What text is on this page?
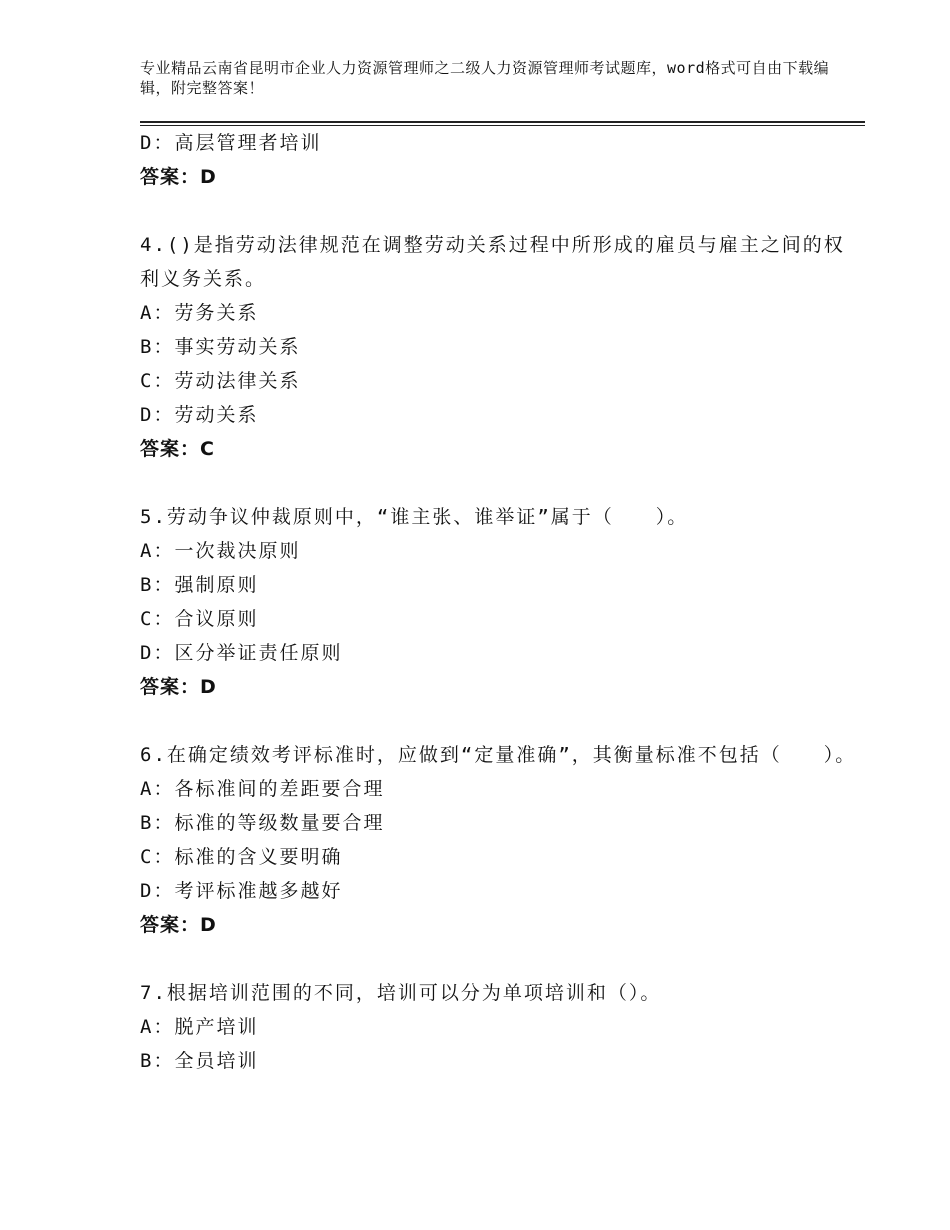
专业精品云南省昆明市企业人力资源管理师之二级人力资源管理师考试题库，word格式可自由下载编辑，附完整答案！
D：高层管理者培训
答案：D
4.()是指劳动法律规范在调整劳动关系过程中所形成的雇员与雇主之间的权利义务关系。
A：劳务关系
B：事实劳动关系
C：劳动法律关系
D：劳动关系
答案：C
5.劳动争议仲裁原则中，“谁主张、谁举证”属于（　　）。
A：一次裁决原则
B：强制原则
C：合议原则
D：区分举证责任原则
答案：D
6.在确定绩效考评标准时，应做到“定量准确”，其衡量标准不包括（　　）。
A：各标准间的差距要合理
B：标准的等级数量要合理
C：标准的含义要明确
D：考评标准越多越好
答案：D
7.根据培训范围的不同，培训可以分为单项培训和（）。
A：脱产培训
B：全员培训
